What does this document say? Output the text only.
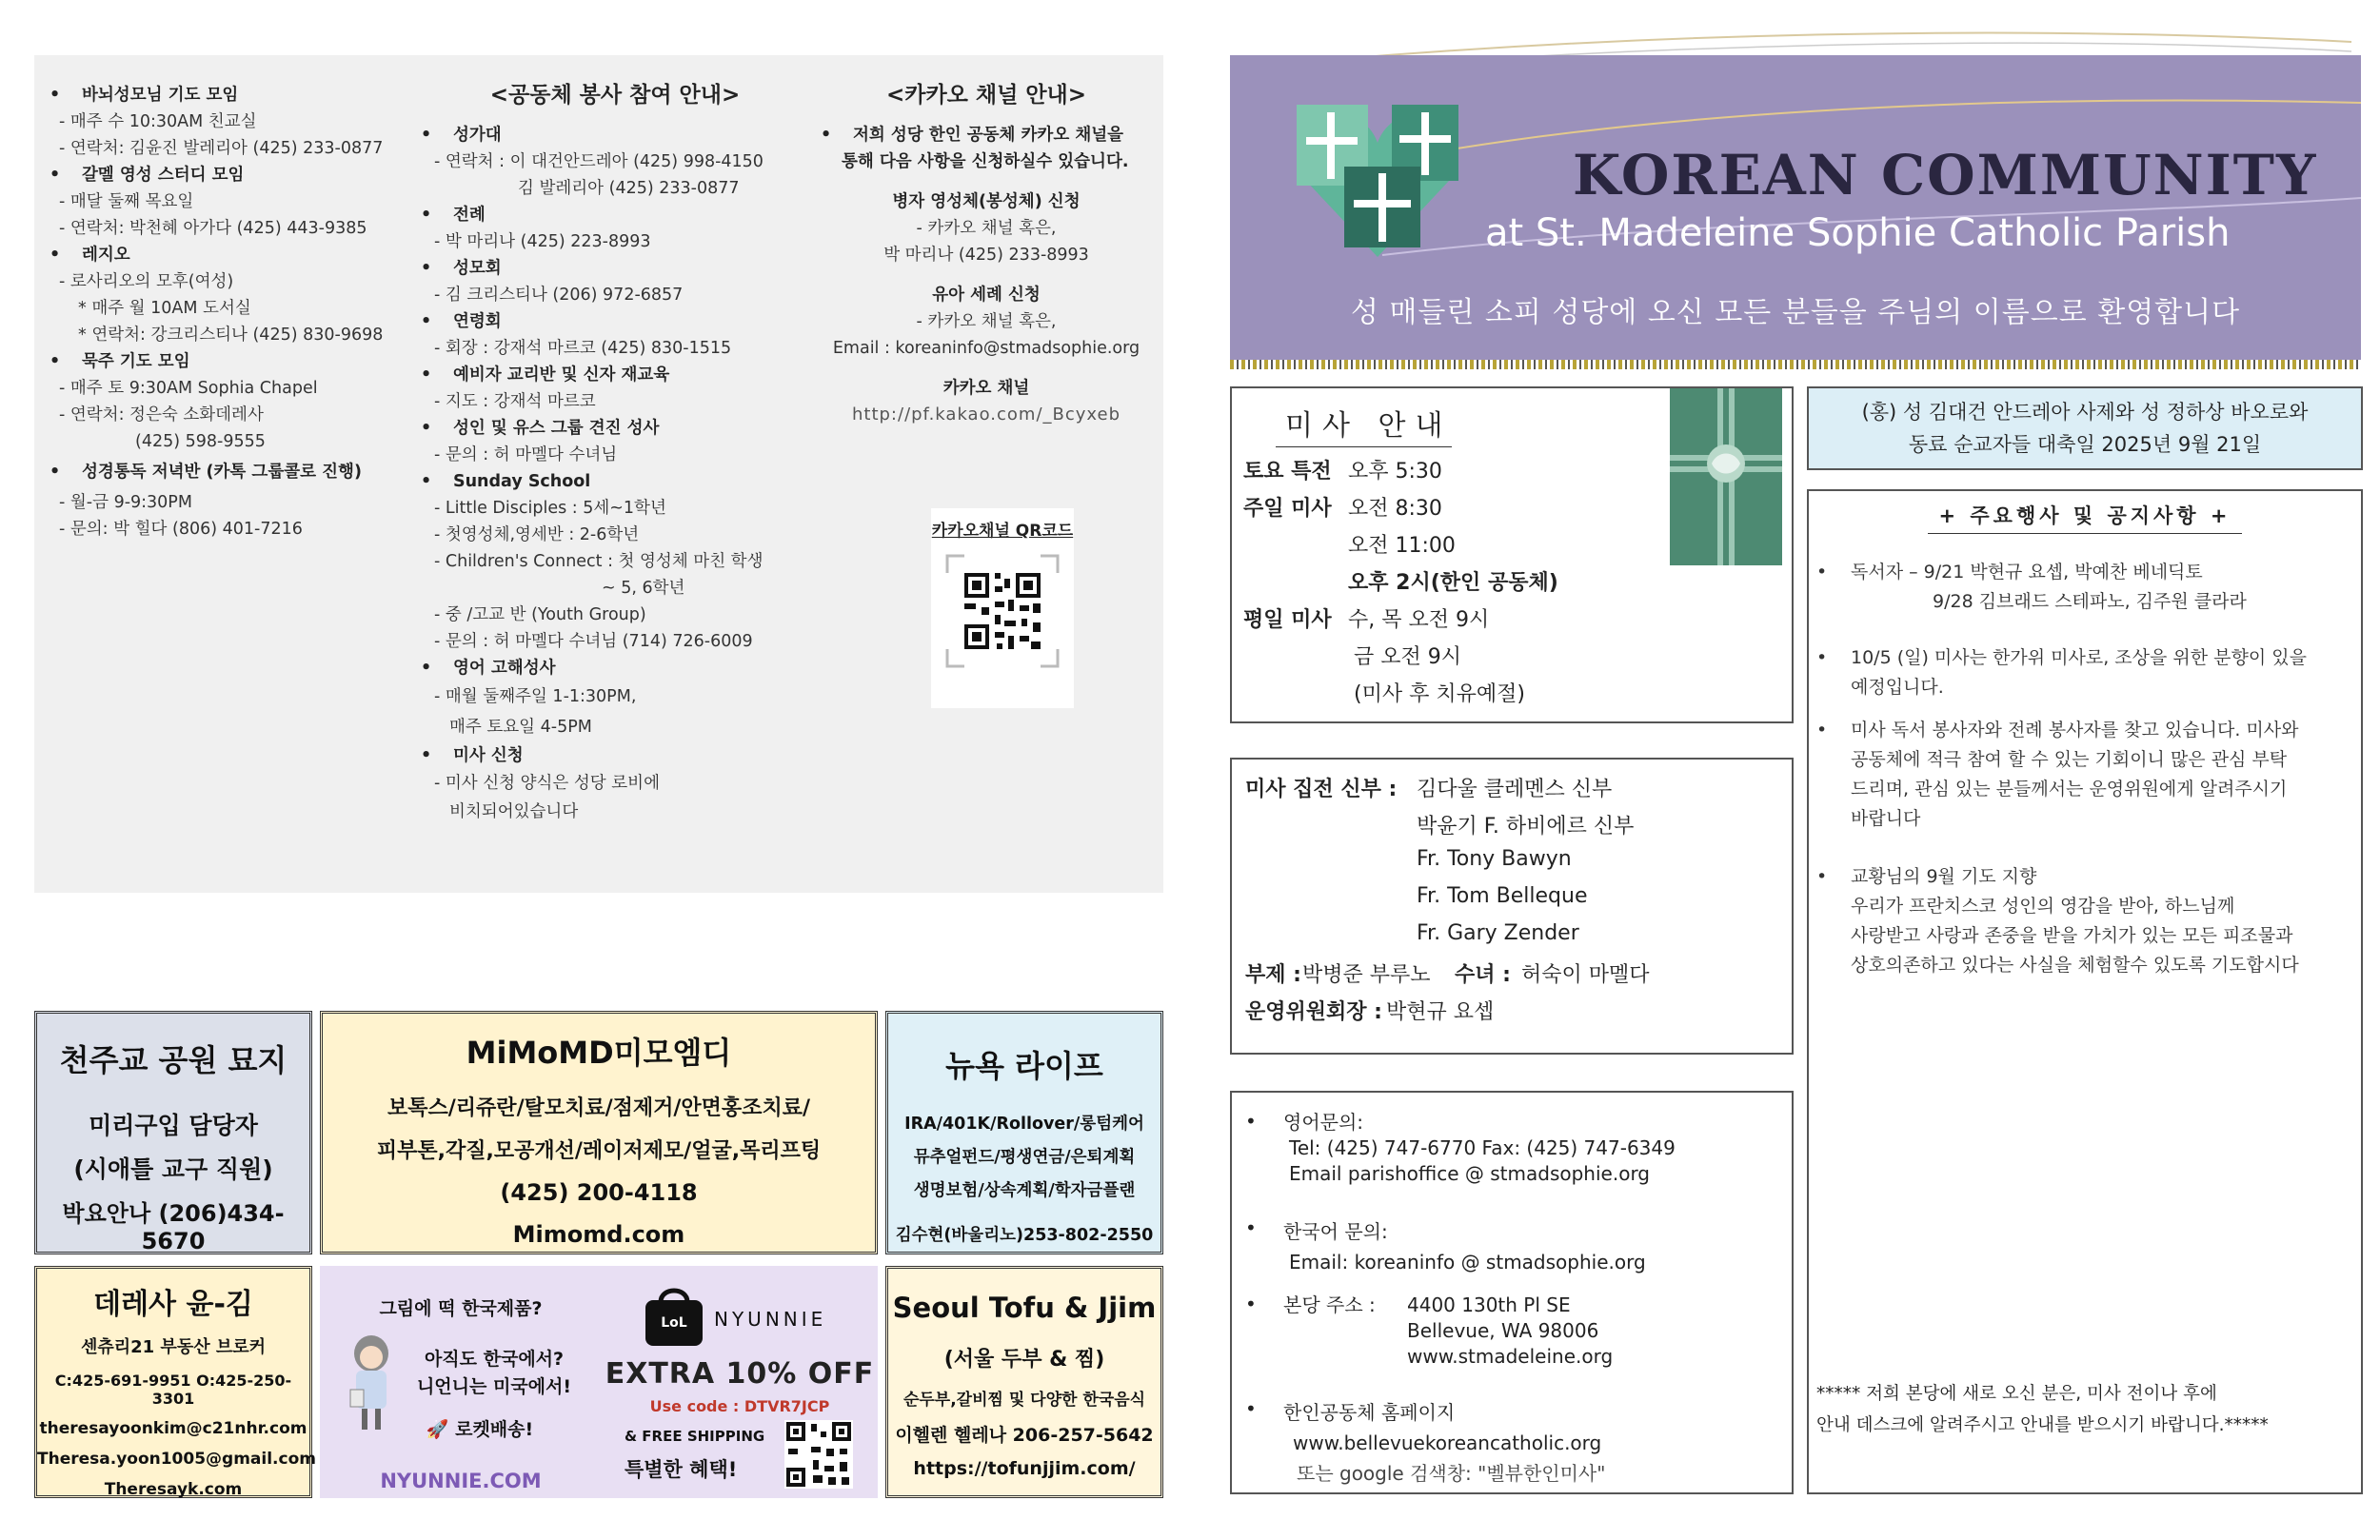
•	바뇌성모님 기도 모임
- 매주 수 10:30AM 친교실
- 연락처: 김윤진 발레리아 (425) 233-0877
•	갈멜 영성 스터디 모임
- 매달 둘째 목요일
- 연락처: 박천혜 아가다 (425) 443-9385
•	레지오
- 로사리오의 모후(여성)
* 매주 월 10AM 도서실
* 연락처: 강크리스티나 (425) 830-9698
•	묵주 기도 모임
- 매주 토 9:30AM Sophia Chapel
- 연락처: 정은숙 소화데레사
(425) 598-9555
•	성경통독 저녁반 (카톡 그룹콜로 진행)
- 월-금 9-9:30PM
- 문의: 박 힐다 (806) 401-7216
<공동체 봉사 참여 안내>
•	성가대
- 연락처 : 이 대건안드레아 (425) 998-4150
김 발레리아 (425) 233-0877
•	전례
- 박 마리나 (425) 223-8993
•	성모회
- 김 크리스티나 (206) 972-6857
•	연령회
- 회장 : 강재석 마르코 (425) 830-1515
•	예비자 교리반 및 신자 재교육
- 지도 : 강재석 마르코
•	성인 및 유스 그룹 견진 성사
- 문의 : 허 마멜다 수녀님
•	Sunday School
- Little Disciples : 5세~1학년
- 첫영성체,영세반 : 2-6학년
- Children's Connect : 첫 영성체 마친 학생
~ 5, 6학년
- 중 /고교 반 (Youth Group)
- 문의 : 허 마멜다 수녀님 (714) 726-6009
•	영어 고해성사
- 매월 둘째주일 1-1:30PM,
매주 토요일 4-5PM
•	미사 신청
- 미사 신청 양식은 성당 로비에
비치되어있습니다
<카카오 채널 안내>
•	저희 성당 한인 공동체 카카오 채널을
통해 다음 사항을 신청하실수 있습니다.
병자 영성체(봉성체) 신청
- 카카오 채널 혹은,
박 마리나 (425) 233-8993
유아 세례 신청
- 카카오 채널 혹은,
Email : koreaninfo@stmadsophie.org
카카오 채널
http://pf.kakao.com/_Bcyxeb
카카오채널 QR코드
천주교 공원 묘지
미리구입 담당자
(시애틀 교구 직원)
박요안나 (206)434-5670
MiMoMD미모엠디
보톡스/리쥬란/탈모치료/점제거/안면홍조치료/
피부톤,각질,모공개선/레이저제모/얼굴,목리프팅
(425) 200-4118
Mimomd.com
뉴욕 라이프
IRA/401K/Rollover/롱텀케어
뮤추얼펀드/평생연금/은퇴계획
생명보험/상속계획/학자금플랜
김수현(바울리노)253-802-2550
데레사 윤-김
센츄리21 부동산 브로커
C:425-691-9951 O:425-250-3301
theresayoonkim@c21nhr.com
Theresa.yoon1005@gmail.com
Theresayk.com
그림에 떡 한국제품?
아직도 한국에서?
니언니는 미국에서!
🚀 로켓배송!
NYUNNIE.COM
LoL	NYUNNIE
EXTRA 10% OFF
Use code : DTVR7JCP
& FREE SHIPPING
특별한 혜택!
Seoul Tofu & Jjim
(서울 두부 & 찜)
순두부,갈비찜 및 다양한 한국음식
이헬렌 헬레나 206-257-5642
https://tofunjjim.com/
KOREAN COMMUNITY
at St. Madeleine Sophie Catholic Parish
성 매들린 소피 성당에 오신 모든 분들을 주님의 이름으로 환영합니다
미사 안내
토요 특전 오후 5:30
주일 미사 오전 8:30
오전 11:00
오후 2시(한인 공동체)
평일 미사 수, 목 오전 9시
금 오전 9시
(미사 후 치유예절)
미사 집전 신부 : 김다울 클레멘스 신부
박윤기 F. 하비에르 신부
Fr. Tony Bawyn
Fr. Tom Belleque
Fr. Gary Zender
부제 : 박병준 부루노	수녀 : 허숙이 마멜다
운영위원회장 : 박현규 요셉
•	영어문의:
Tel: (425) 747-6770 Fax: (425) 747-6349
Email parishoffice @ stmadsophie.org
•	한국어 문의:
Email: koreaninfo @ stmadsophie.org
•	본당 주소 :	4400 130th Pl SE
Bellevue, WA 98006
www.stmadeleine.org
•	한인공동체 홈페이지
www.bellevuekoreancatholic.org
또는 google 검색창: "벨뷰한인미사"
(홍) 성 김대건 안드레아 사제와 성 정하상 바오로와
동료 순교자들 대축일 2025년 9월 21일
+ 주요행사 및 공지사항 +
•	독서자 – 9/21 박현규 요셉, 박예찬 베네딕토
9/28 김브래드 스테파노, 김주원 클라라
•	10/5 (일) 미사는 한가위 미사로, 조상을 위한 분향이 있을
예정입니다.
•	미사 독서 봉사자와 전례 봉사자를 찾고 있습니다. 미사와
공동체에 적극 참여 할 수 있는 기회이니 많은 관심 부탁
드리며, 관심 있는 분들께서는 운영위원에게 알려주시기
바랍니다
•	교황님의 9월 기도 지향
우리가 프란치스코 성인의 영감을 받아, 하느님께
사랑받고 사랑과 존중을 받을 가치가 있는 모든 피조물과
상호의존하고 있다는 사실을 체험할수 있도록 기도합시다
***** 저희 본당에 새로 오신 분은, 미사 전이나 후에
안내 데스크에 알려주시고 안내를 받으시기 바랍니다.*****
